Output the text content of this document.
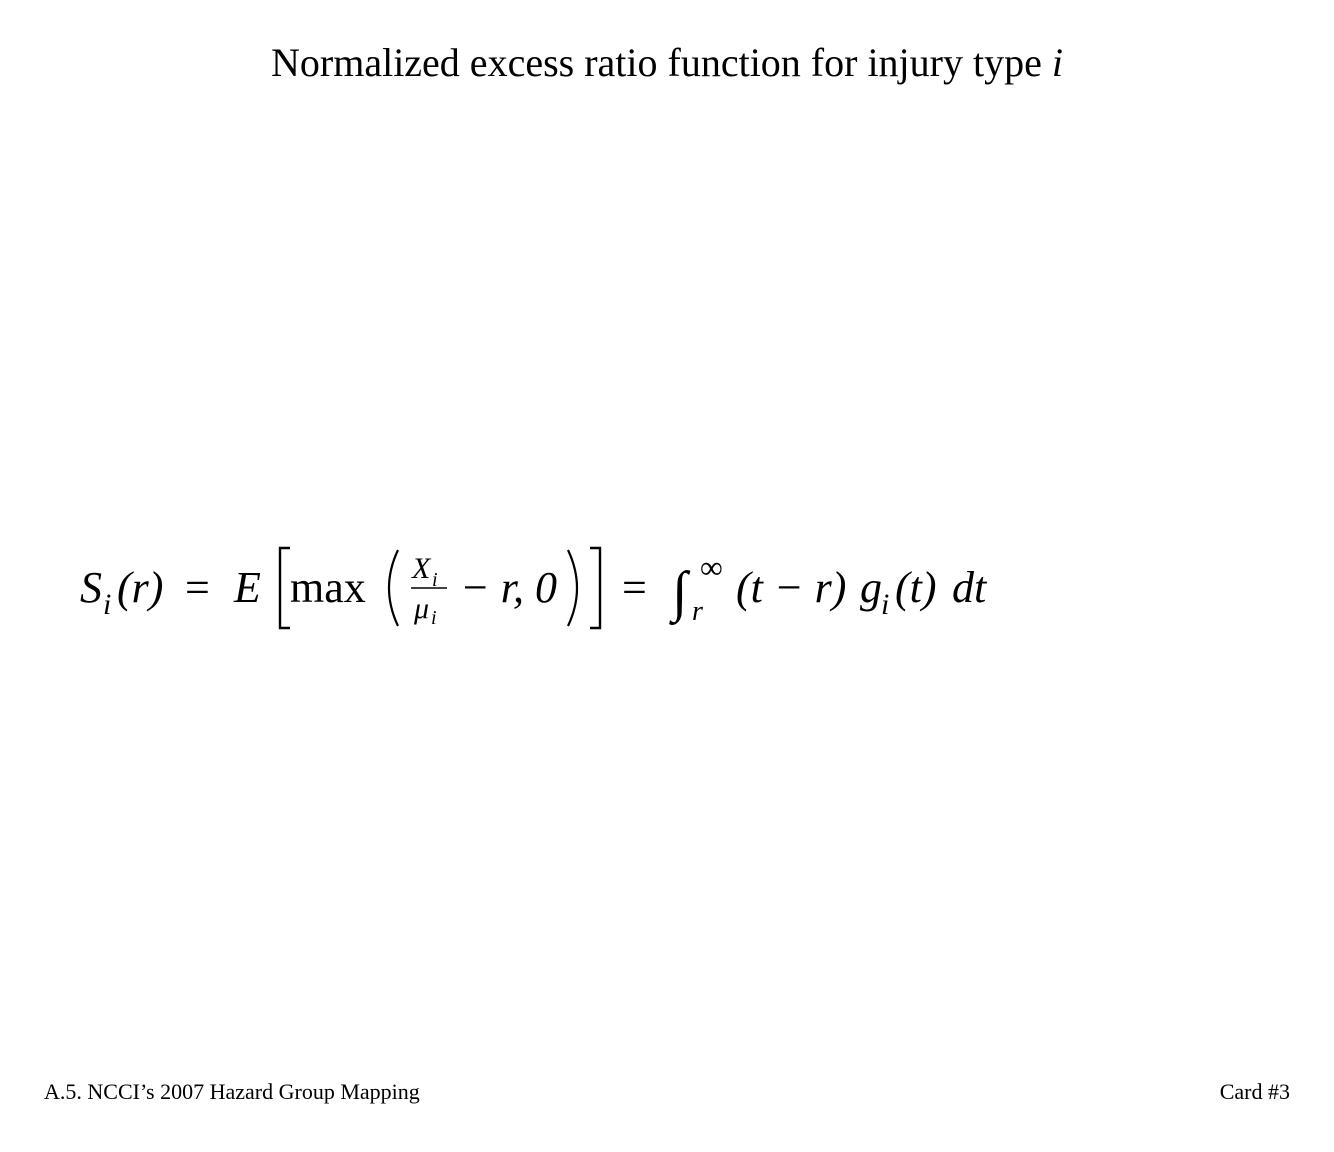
Normalized excess ratio function for injury type i
S i (r) = E max X i
μ i
− r, 0 = ∫ r
∞ (t − r) g i (t) dt
A.5. NCCI’s 2007 Hazard Group Mapping	Card #3
